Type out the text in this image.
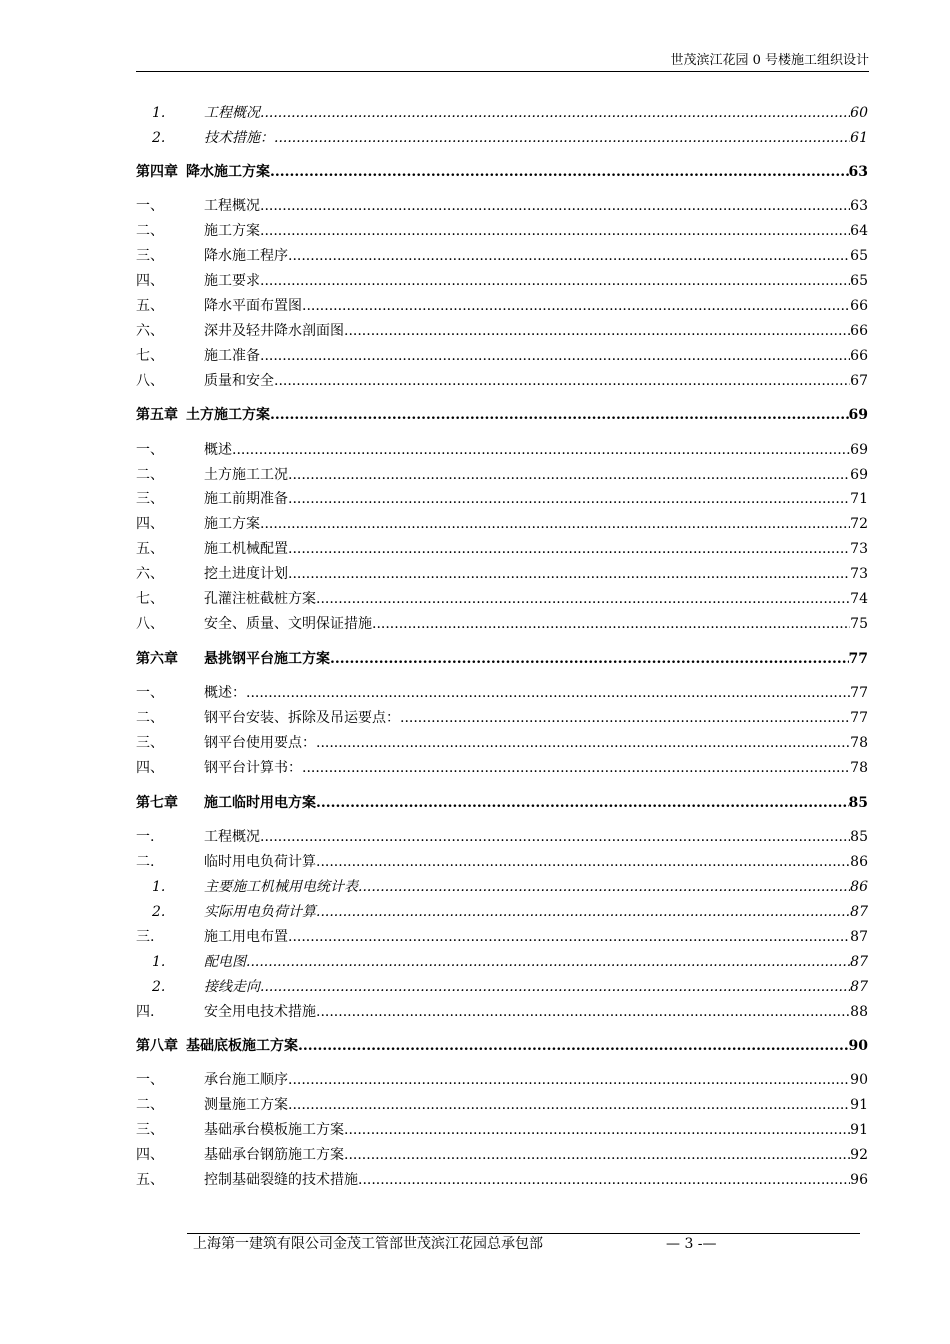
世茂滨江花园 0 号楼施工组织设计
1.	工程概况 .....	60
2.	技术措施： .....	61
第四章 降水施工方案 .....	63
一、	工程概况 .....	63
二、	施工方案 .....	64
三、	降水施工程序 .....	65
四、	施工要求 .....	65
五、	降水平面布置图 .....	66
六、	深井及轻井降水剖面图 .....	66
七、	施工准备 .....	66
八、	质量和安全 .....	67
第五章 土方施工方案 .....	69
一、	概述 .....	69
二、	土方施工工况 .....	69
三、	施工前期准备 .....	71
四、	施工方案 .....	72
五、	施工机械配置 .....	73
六、	挖土进度计划 .....	73
七、	孔灌注桩截桩方案 .....	74
八、	安全、质量、文明保证措施 .....	75
第六章	悬挑钢平台施工方案 .....	77
一、	概述： .....	77
二、	钢平台安装、拆除及吊运要点： .....	77
三、	钢平台使用要点： .....	78
四、	钢平台计算书： .....	78
第七章	施工临时用电方案 .....	85
一.	工程概况 .....	85
二.	临时用电负荷计算 .....	86
1.	主要施工机械用电统计表 .....	86
2.	实际用电负荷计算 .....	87
三.	施工用电布置 .....	87
1.	配电图 .....	87
2.	接线走向 .....	87
四.	安全用电技术措施 .....	88
第八章 基础底板施工方案 .....	90
一、	承台施工顺序 .....	90
二、	测量施工方案 .....	91
三、	基础承台模板施工方案 .....	91
四、	基础承台钢筋施工方案 .....	92
五、	控制基础裂缝的技术措施 .....	96
上海第一建筑有限公司金茂工管部世茂滨江花园总承包部	— 3 -—
